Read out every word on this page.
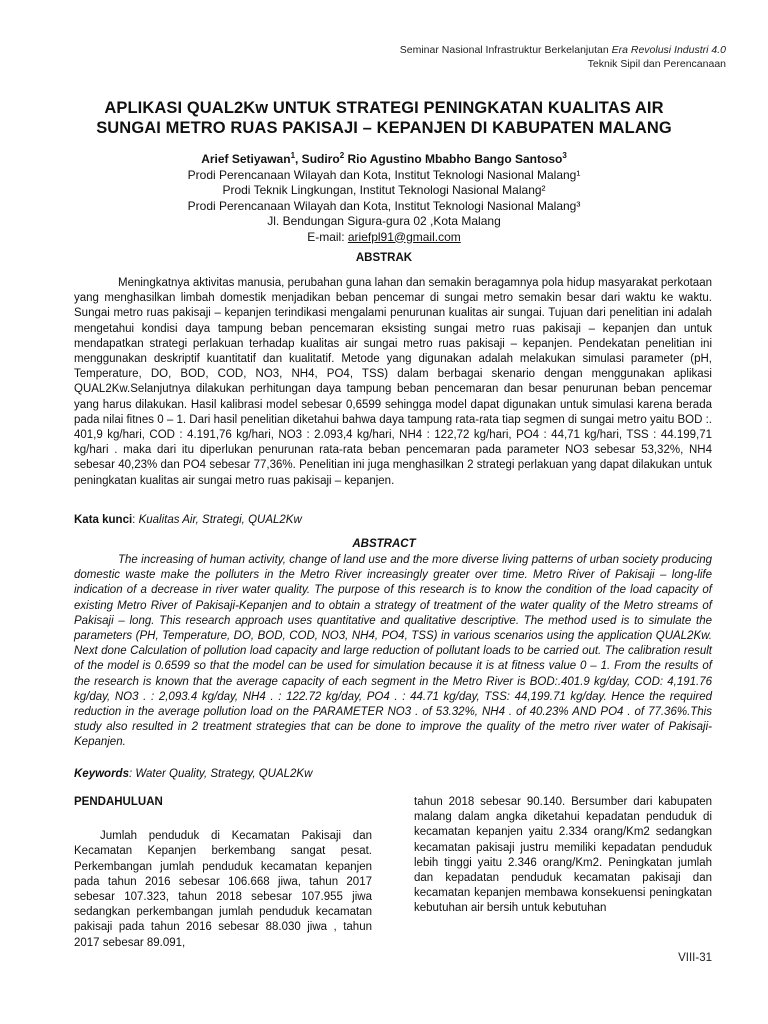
Seminar Nasional Infrastruktur Berkelanjutan Era Revolusi Industri 4.0
Teknik Sipil dan Perencanaan
APLIKASI QUAL2Kw UNTUK STRATEGI PENINGKATAN KUALITAS AIR
SUNGAI METRO RUAS PAKISAJI – KEPANJEN DI KABUPATEN MALANG
Arief Setiyawan$^1$, Sudiro$^2$ Rio Agustino Mbabho Bango Santoso$^3$
Prodi Perencanaan Wilayah dan Kota, Institut Teknologi Nasional Malang¹
Prodi Teknik Lingkungan, Institut Teknologi Nasional Malang²
Prodi Perencanaan Wilayah dan Kota, Institut Teknologi Nasional Malang³
Jl. Bendungan Sigura-gura 02 ,Kota Malang
E-mail: ariefpl91@gmail.com
ABSTRAK

Meningkatnya aktivitas manusia, perubahan guna lahan dan semakin beragamnya pola hidup masyarakat perkotaan yang menghasilkan limbah domestik menjadikan beban pencemar di sungai metro semakin besar dari waktu ke waktu. Sungai metro ruas pakisaji – kepanjen terindikasi mengalami penurunan kualitas air sungai. Tujuan dari penelitian ini adalah mengetahui kondisi daya tampung beban pencemaran eksisting sungai metro ruas pakisaji – kepanjen dan untuk mendapatkan strategi perlakuan terhadap kualitas air sungai metro ruas pakisaji – kepanjen. Pendekatan penelitian ini menggunakan deskriptif kuantitatif dan kualitatif. Metode yang digunakan adalah melakukan simulasi parameter (pH, Temperature, DO, BOD, COD, NO3, NH4, PO4, TSS) dalam berbagai skenario dengan menggunakan aplikasi QUAL2Kw.Selanjutnya dilakukan perhitungan daya tampung beban pencemaran dan besar penurunan beban pencemar yang harus dilakukan. Hasil kalibrasi model sebesar 0,6599 sehingga model dapat digunakan untuk simulasi karena berada pada nilai fitnes 0 – 1. Dari hasil penelitian diketahui bahwa daya tampung rata-rata tiap segmen di sungai metro yaitu BOD :. 401,9 kg/hari, COD : 4.191,76 kg/hari, NO3 : 2.093,4 kg/hari, NH4 : 122,72 kg/hari, PO4 : 44,71 kg/hari, TSS : 44.199,71 kg/hari . maka dari itu diperlukan penurunan rata-rata beban pencemaran pada parameter NO3 sebesar 53,32%, NH4 sebesar 40,23% dan PO4 sebesar 77,36%. Penelitian ini juga menghasilkan 2 strategi perlakuan yang dapat dilakukan untuk peningkatan kualitas air sungai metro ruas pakisaji – kepanjen.

Kata kunci: Kualitas Air, Strategi, QUAL2Kw
ABSTRACT

The increasing of human activity, change of land use and the more diverse living patterns of urban society producing domestic waste make the polluters in the Metro River increasingly greater over time. Metro River of Pakisaji – long-life indication of a decrease in river water quality. The purpose of this research is to know the condition of the load capacity of existing Metro River of Pakisaji-Kepanjen and to obtain a strategy of treatment of the water quality of the Metro streams of Pakisaji – long. This research approach uses quantitative and qualitative descriptive. The method used is to simulate the parameters (PH, Temperature, DO, BOD, COD, NO3, NH4, PO4, TSS) in various scenarios using the application QUAL2Kw. Next done Calculation of pollution load capacity and large reduction of pollutant loads to be carried out. The calibration result of the model is 0.6599 so that the model can be used for simulation because it is at fitness value 0 – 1. From the results of the research is known that the average capacity of each segment in the Metro River is BOD:.401.9 kg/day, COD: 4,191.76 kg/day, NO3 . : 2,093.4 kg/day, NH4 . : 122.72 kg/day, PO4 . : 44.71 kg/day, TSS: 44,199.71 kg/day. Hence the required reduction in the average pollution load on the PARAMETER NO3 . of 53.32%, NH4 . of 40.23% AND PO4 . of 77.36%.This study also resulted in 2 treatment strategies that can be done to improve the quality of the metro river water of Pakisaji-Kepanjen.

Keywords: Water Quality, Strategy, QUAL2Kw
PENDAHULUAN

Jumlah penduduk di Kecamatan Pakisaji dan Kecamatan Kepanjen berkembang sangat pesat. Perkembangan jumlah penduduk kecamatan kepanjen pada tahun 2016 sebesar 106.668 jiwa, tahun 2017 sebesar 107.323, tahun 2018 sebesar 107.955 jiwa sedangkan perkembangan jumlah penduduk kecamatan pakisaji pada tahun 2016 sebesar 88.030 jiwa , tahun 2017 sebesar 89.091,

tahun 2018 sebesar 90.140. Bersumber dari kabupaten malang dalam angka diketahui kepadatan penduduk di kecamatan kepanjen yaitu 2.334 orang/Km2 sedangkan kecamatan pakisaji justru memiliki kepadatan penduduk lebih tinggi yaitu 2.346 orang/Km2. Peningkatan jumlah dan kepadatan penduduk kecamatan pakisaji dan kecamatan kepanjen membawa konsekuensi peningkatan kebutuhan air bersih untuk kebutuhan

VIII-31
